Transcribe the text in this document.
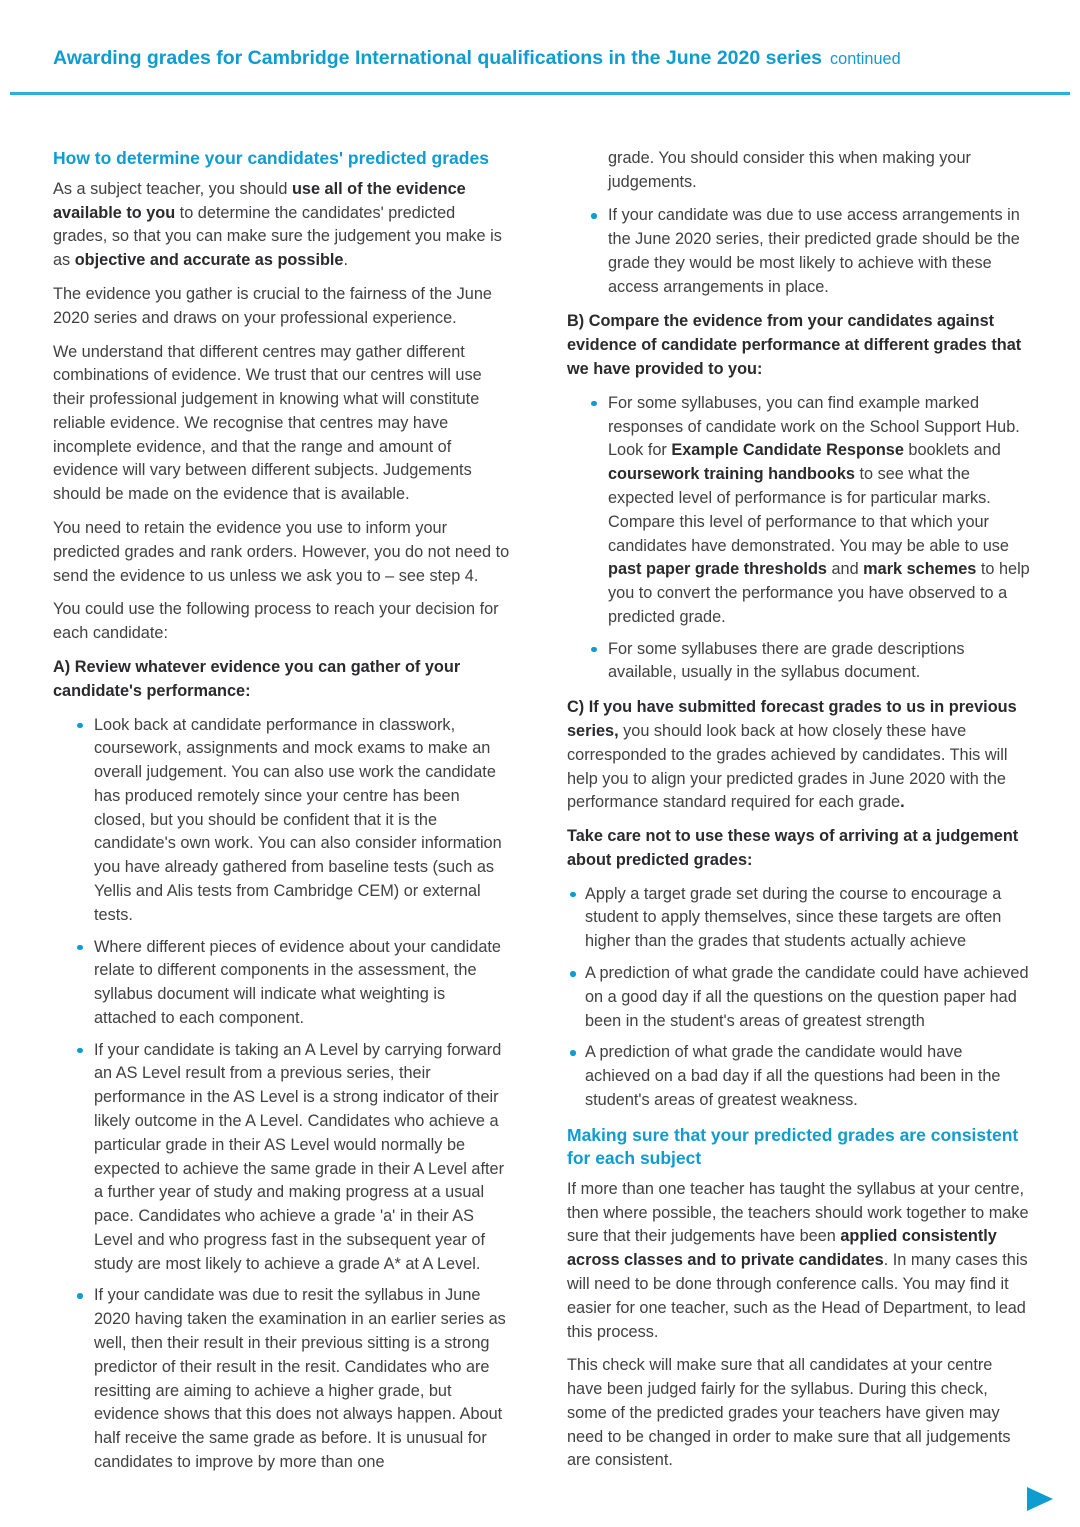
Awarding grades for Cambridge International qualifications in the June 2020 series continued
How to determine your candidates' predicted grades
As a subject teacher, you should use all of the evidence available to you to determine the candidates' predicted grades, so that you can make sure the judgement you make is as objective and accurate as possible.
The evidence you gather is crucial to the fairness of the June 2020 series and draws on your professional experience.
We understand that different centres may gather different combinations of evidence. We trust that our centres will use their professional judgement in knowing what will constitute reliable evidence. We recognise that centres may have incomplete evidence, and that the range and amount of evidence will vary between different subjects. Judgements should be made on the evidence that is available.
You need to retain the evidence you use to inform your predicted grades and rank orders. However, you do not need to send the evidence to us unless we ask you to – see step 4.
You could use the following process to reach your decision for each candidate:
A) Review whatever evidence you can gather of your candidate's performance:
Look back at candidate performance in classwork, coursework, assignments and mock exams to make an overall judgement. You can also use work the candidate has produced remotely since your centre has been closed, but you should be confident that it is the candidate's own work. You can also consider information you have already gathered from baseline tests (such as Yellis and Alis tests from Cambridge CEM) or external tests.
Where different pieces of evidence about your candidate relate to different components in the assessment, the syllabus document will indicate what weighting is attached to each component.
If your candidate is taking an A Level by carrying forward an AS Level result from a previous series, their performance in the AS Level is a strong indicator of their likely outcome in the A Level. Candidates who achieve a particular grade in their AS Level would normally be expected to achieve the same grade in their A Level after a further year of study and making progress at a usual pace. Candidates who achieve a grade 'a' in their AS Level and who progress fast in the subsequent year of study are most likely to achieve a grade A* at A Level.
If your candidate was due to resit the syllabus in June 2020 having taken the examination in an earlier series as well, then their result in their previous sitting is a strong predictor of their result in the resit. Candidates who are resitting are aiming to achieve a higher grade, but evidence shows that this does not always happen. About half receive the same grade as before. It is unusual for candidates to improve by more than one
grade. You should consider this when making your judgements.
If your candidate was due to use access arrangements in the June 2020 series, their predicted grade should be the grade they would be most likely to achieve with these access arrangements in place.
B) Compare the evidence from your candidates against evidence of candidate performance at different grades that we have provided to you:
For some syllabuses, you can find example marked responses of candidate work on the School Support Hub. Look for Example Candidate Response booklets and coursework training handbooks to see what the expected level of performance is for particular marks. Compare this level of performance to that which your candidates have demonstrated. You may be able to use past paper grade thresholds and mark schemes to help you to convert the performance you have observed to a predicted grade.
For some syllabuses there are grade descriptions available, usually in the syllabus document.
C) If you have submitted forecast grades to us in previous series, you should look back at how closely these have corresponded to the grades achieved by candidates. This will help you to align your predicted grades in June 2020 with the performance standard required for each grade.
Take care not to use these ways of arriving at a judgement about predicted grades:
Apply a target grade set during the course to encourage a student to apply themselves, since these targets are often higher than the grades that students actually achieve
A prediction of what grade the candidate could have achieved on a good day if all the questions on the question paper had been in the student's areas of greatest strength
A prediction of what grade the candidate would have achieved on a bad day if all the questions had been in the student's areas of greatest weakness.
Making sure that your predicted grades are consistent for each subject
If more than one teacher has taught the syllabus at your centre, then where possible, the teachers should work together to make sure that their judgements have been applied consistently across classes and to private candidates. In many cases this will need to be done through conference calls. You may find it easier for one teacher, such as the Head of Department, to lead this process.
This check will make sure that all candidates at your centre have been judged fairly for the syllabus. During this check, some of the predicted grades your teachers have given may need to be changed in order to make sure that all judgements are consistent.
